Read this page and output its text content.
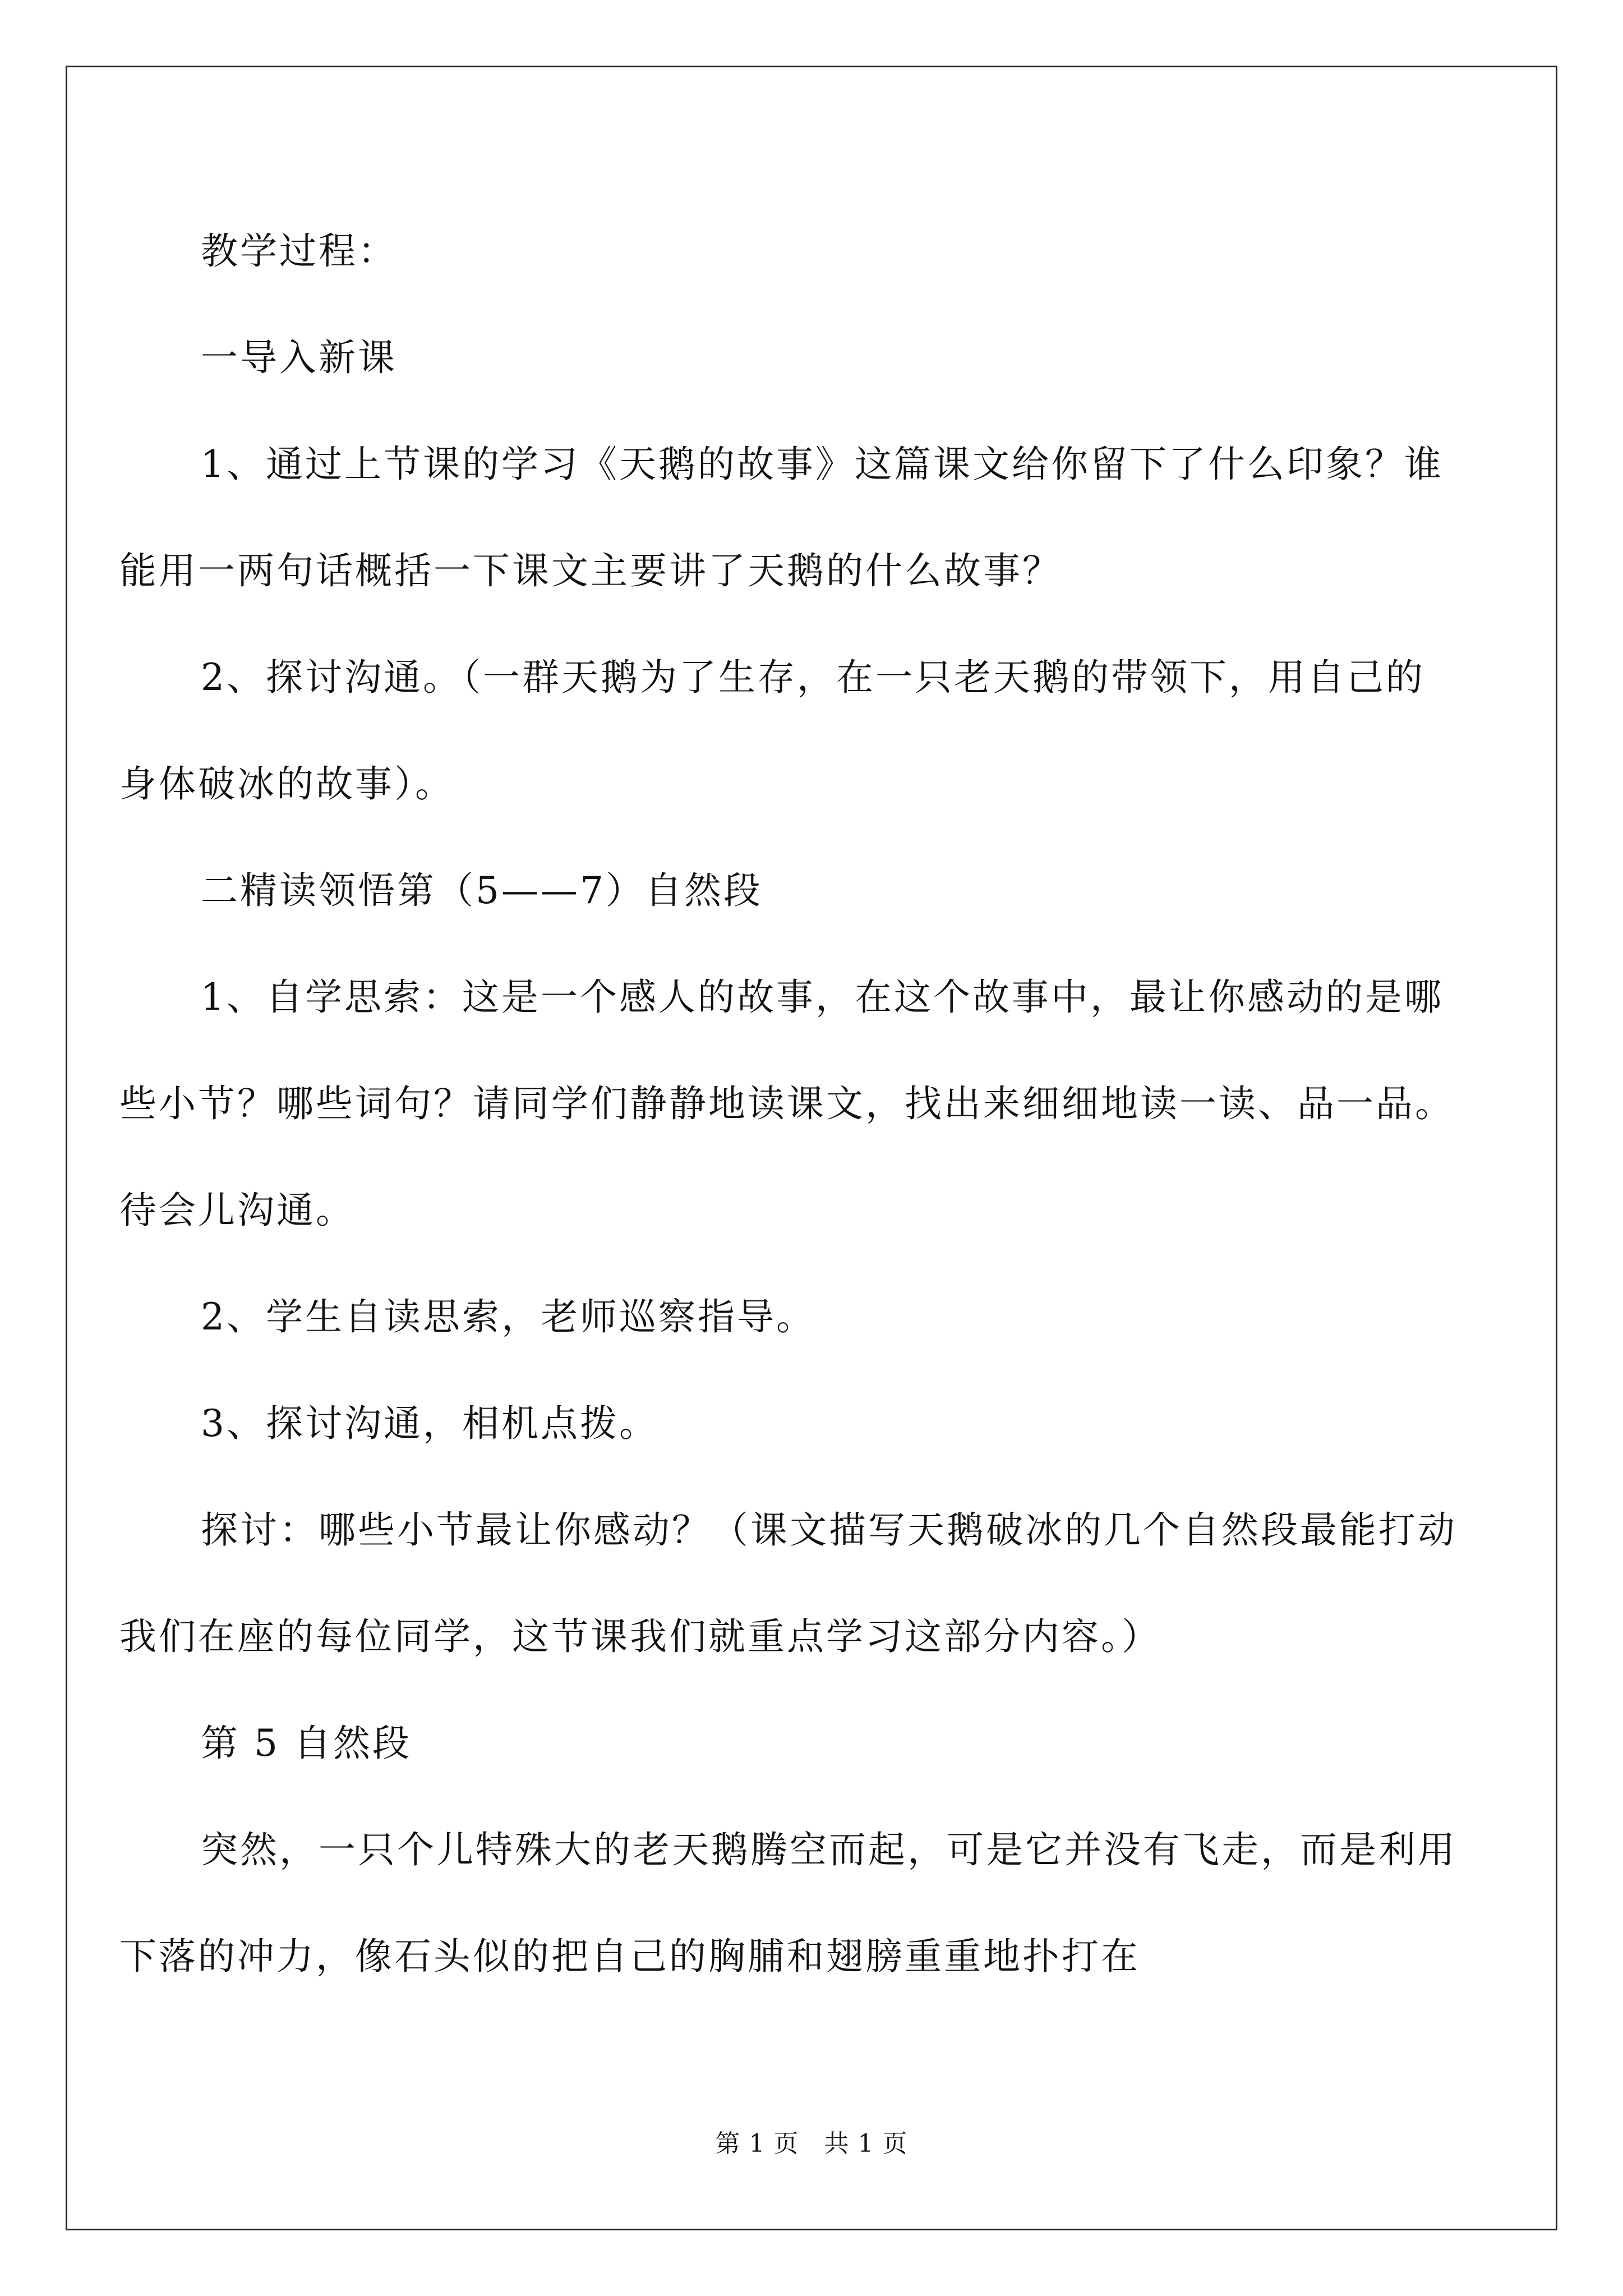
教学过程：
一导入新课
1、通过上节课的学习《天鹅的故事》这篇课文给你留下了什么印象？谁能用一两句话概括一下课文主要讲了天鹅的什么故事？
2、探讨沟通。（一群天鹅为了生存，在一只老天鹅的带领下，用自己的身体破冰的故事）。
二精读领悟第（5——7）自然段
1、自学思索：这是一个感人的故事，在这个故事中，最让你感动的是哪些小节？哪些词句？请同学们静静地读课文，找出来细细地读一读、品一品。待会儿沟通。
2、学生自读思索，老师巡察指导。
3、探讨沟通，相机点拨。
探讨：哪些小节最让你感动？（课文描写天鹅破冰的几个自然段最能打动我们在座的每位同学，这节课我们就重点学习这部分内容。）
第 5 自然段
突然，一只个儿特殊大的老天鹅腾空而起，可是它并没有飞走，而是利用下落的冲力，像石头似的把自己的胸脯和翅膀重重地扑打在
第 1 页　共 1 页
